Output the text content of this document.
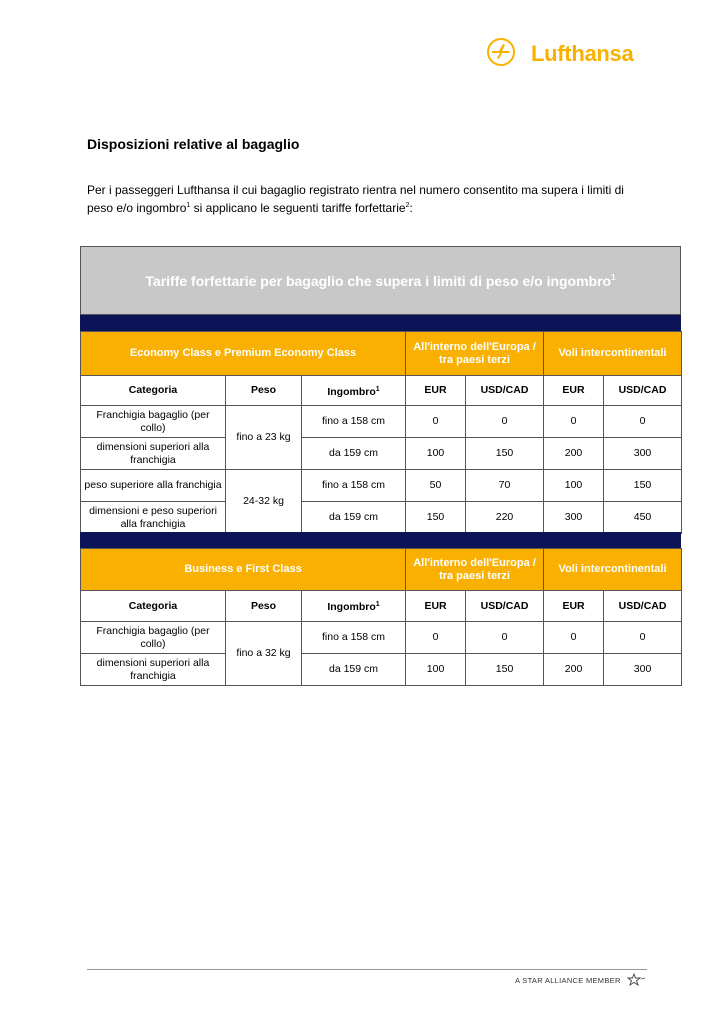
Lufthansa
Disposizioni relative al bagaglio
Per i passeggeri Lufthansa il cui bagaglio registrato rientra nel numero consentito ma supera i limiti di peso e/o ingombro$^1$ si applicano le seguenti tariffe forfettarie$^2$:
Tariffe forfettarie per bagaglio che supera i limiti di peso e/o ingombro$^1$
Economy Class e Premium Economy Class			All'interno dell'Europa / tra paesi terzi		Voli intercontinentali	
Categoria	Peso	Ingombro$^1$	EUR	USD/CAD	EUR	USD/CAD
Franchigia bagaglio (per collo)	fino a 23 kg	fino a 158 cm	0	0	0	0
dimensioni superiori alla franchigia		da 159 cm	100	150	200	300
peso superiore alla franchigia	24-32 kg	fino a 158 cm	50	70	100	150
dimensioni e peso superiori alla franchigia		da 159 cm	150	220	300	450
Business e First Class			All'interno dell'Europa / tra paesi terzi		Voli intercontinentali	
Categoria	Peso	Ingombro$^1$	EUR	USD/CAD	EUR	USD/CAD
Franchigia bagaglio (per collo)	fino a 32 kg	fino a 158 cm	0	0	0	0
dimensioni superiori alla franchigia		da 159 cm	100	150	200	300
A STAR ALLIANCE MEMBER
